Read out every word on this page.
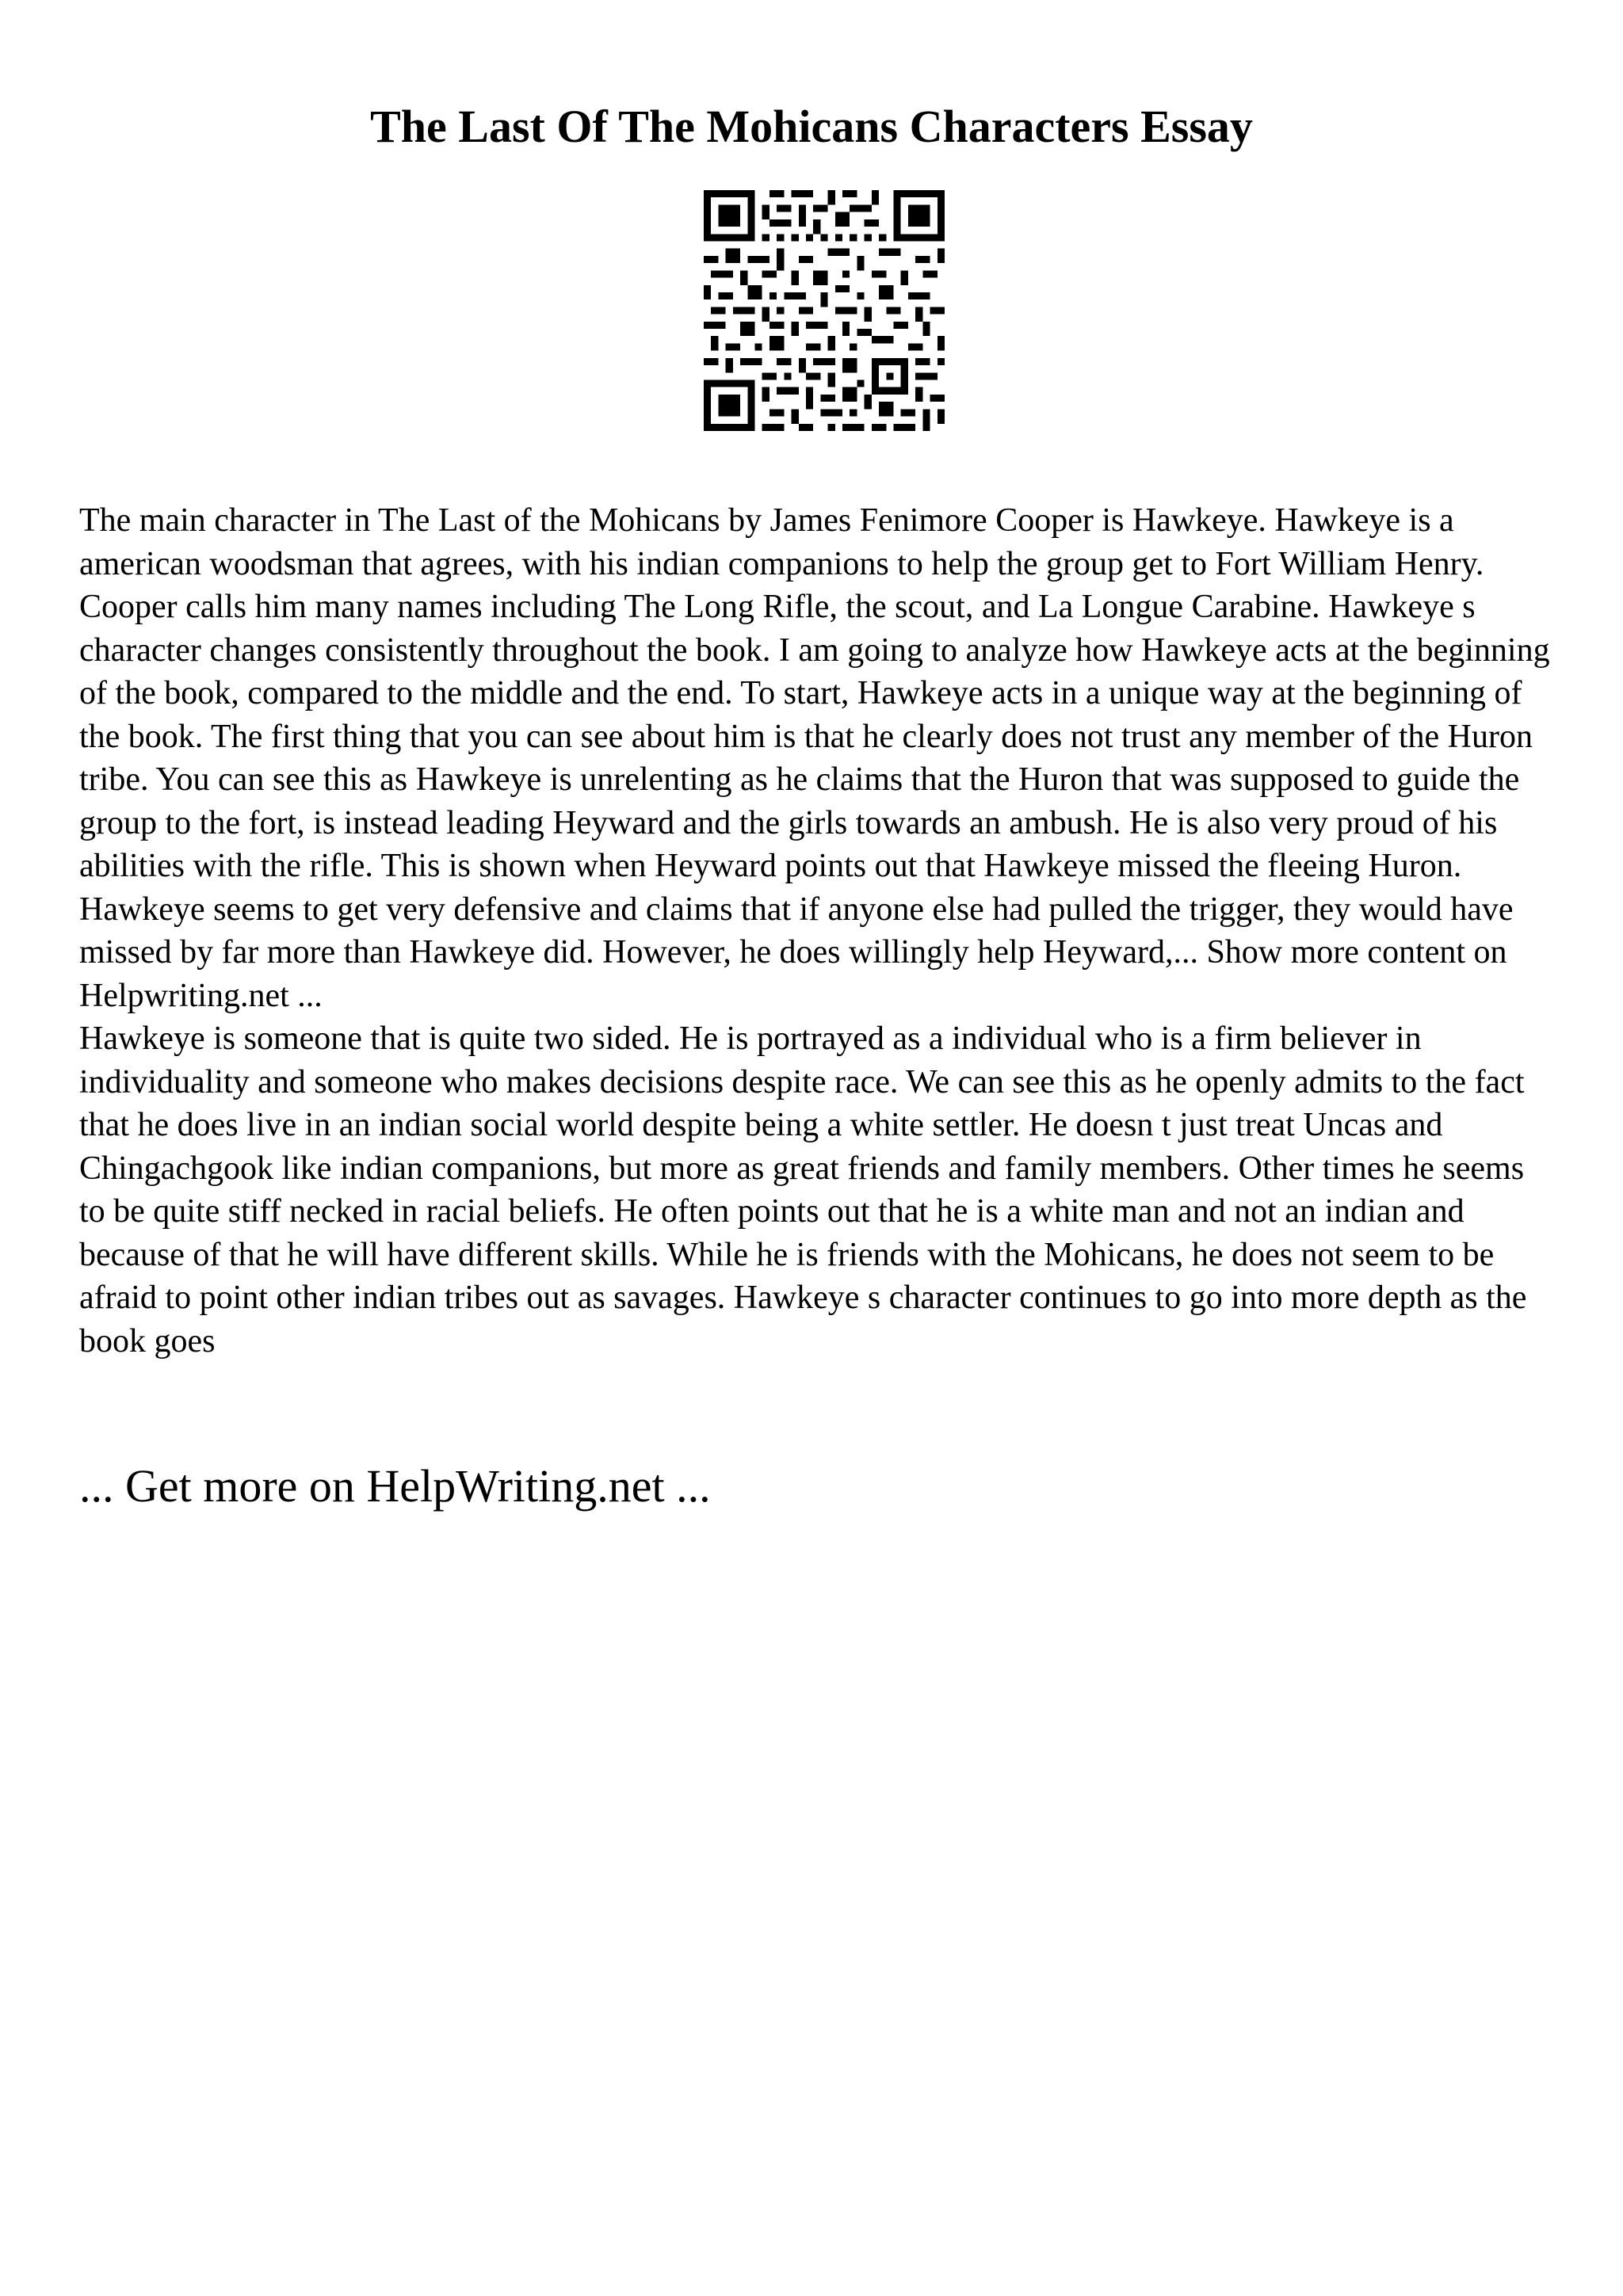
The Last Of The Mohicans Characters Essay

The main character in The Last of the Mohicans by James Fenimore Cooper is Hawkeye. Hawkeye is a american woodsman that agrees, with his indian companions to help the group get to Fort William Henry. Cooper calls him many names including The Long Rifle, the scout, and La Longue Carabine. Hawkeye s character changes consistently throughout the book. I am going to analyze how Hawkeye acts at the beginning of the book, compared to the middle and the end. To start, Hawkeye acts in a unique way at the beginning of the book. The first thing that you can see about him is that he clearly does not trust any member of the Huron tribe. You can see this as Hawkeye is unrelenting as he claims that the Huron that was supposed to guide the group to the fort, is instead leading Heyward and the girls towards an ambush. He is also very proud of his abilities with the rifle. This is shown when Heyward points out that Hawkeye missed the fleeing Huron. Hawkeye seems to get very defensive and claims that if anyone else had pulled the trigger, they would have missed by far more than Hawkeye did. However, he does willingly help Heyward,... Show more content on Helpwriting.net ...

Hawkeye is someone that is quite two sided. He is portrayed as a individual who is a firm believer in individuality and someone who makes decisions despite race. We can see this as he openly admits to the fact that he does live in an indian social world despite being a white settler. He doesn t just treat Uncas and Chingachgook like indian companions, but more as great friends and family members. Other times he seems to be quite stiff necked in racial beliefs. He often points out that he is a white man and not an indian and because of that he will have different skills. While he is friends with the Mohicans, he does not seem to be afraid to point other indian tribes out as savages. Hawkeye s character continues to go into more depth as the book goes

... Get more on HelpWriting.net ...
